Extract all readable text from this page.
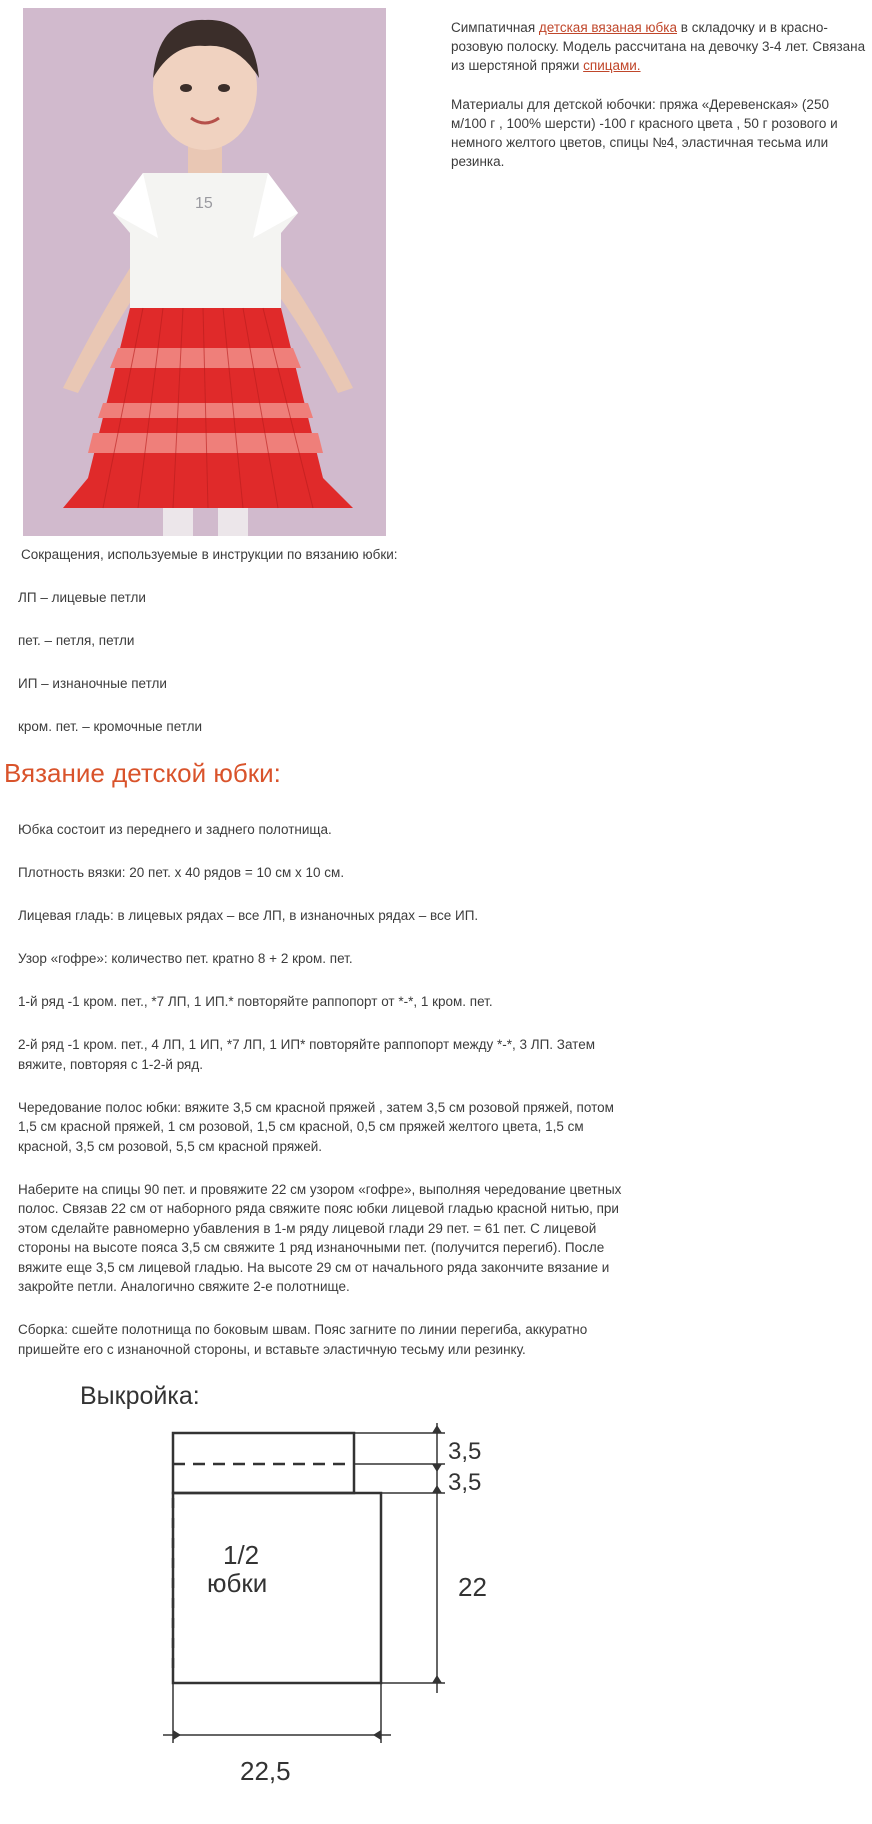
15

Симпатичная детская вязаная юбка в складочку и в красно-розовую полоску. Модель рассчитана на девочку 3-4 лет. Связана из шерстяной пряжи спицами.

Материалы для детской юбочки: пряжа «Деревенская» (250 м/100 г , 100% шерсти) -100 г красного цвета , 50 г розового и немного желтого цветов, спицы №4, эластичная тесьма или резинка.

Сокращения, используемые в инструкции по вязанию юбки:

ЛП – лицевые петли

пет. – петля, петли

ИП – изнаночные петли

кром. пет. – кромочные петли

Вязание детской юбки:

Юбка состоит из переднего и заднего полотнища.

Плотность вязки: 20 пет. х 40 рядов = 10 см х 10 см.

Лицевая гладь: в лицевых рядах – все ЛП, в изнаночных рядах – все ИП.

Узор «гофре»: количество пет. кратно 8 + 2 кром. пет.

1-й ряд -1 кром. пет., *7 ЛП, 1 ИП.* повторяйте раппопорт от *-*, 1 кром. пет.

2-й ряд -1 кром. пет., 4 ЛП, 1 ИП, *7 ЛП, 1 ИП* повторяйте раппопорт между *-*, 3 ЛП. Затем
вяжите, повторяя с 1-2-й ряд.

Чередование полос юбки: вяжите 3,5 см красной пряжей , затем 3,5 см розовой пряжей, потом
1,5 см красной пряжей, 1 см розовой, 1,5 см красной, 0,5 см пряжей желтого цвета, 1,5 см
красной, 3,5 см розовой, 5,5 см красной пряжей.

Наберите на спицы 90 пет. и провяжите 22 см узором «гофре», выполняя чередование цветных
полос. Связав 22 см от наборного ряда свяжите пояс юбки лицевой гладью красной нитью, при
этом сделайте равномерно убавления в 1-м ряду лицевой глади 29 пет. = 61 пет. С лицевой
стороны на высоте пояса 3,5 см свяжите 1 ряд изнаночными пет. (получится перегиб). После
вяжите еще 3,5 см лицевой гладью. На высоте 29 см от начального ряда закончите вязание и
закройте петли. Аналогично свяжите 2-е полотнище.

Сборка: сшейте полотнища по боковым швам. Пояс загните по линии перегиба, аккуратно
пришейте его с изнаночной стороны, и вставьте эластичную тесьму или резинку.

Выкройка:
1/2
юбки
3,5
3,5
22
22,5
